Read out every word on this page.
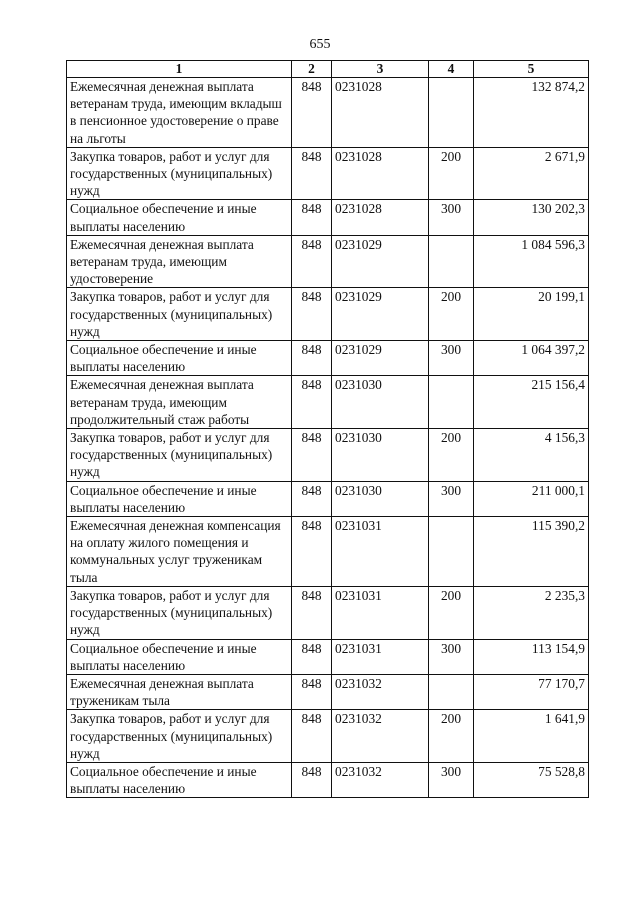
655
1	2	3	4	5
Ежемесячная денежная выплата ветеранам труда, имеющим вкладыш в пенсионное удостоверение о праве на льготы	848	0231028		132 874,2
Закупка товаров, работ и услуг для государственных (муниципальных) нужд	848	0231028	200	2 671,9
Социальное обеспечение и иные выплаты населению	848	0231028	300	130 202,3
Ежемесячная денежная выплата ветеранам труда, имеющим удостоверение	848	0231029		1 084 596,3
Закупка товаров, работ и услуг для государственных (муниципальных) нужд	848	0231029	200	20 199,1
Социальное обеспечение и иные выплаты населению	848	0231029	300	1 064 397,2
Ежемесячная денежная выплата ветеранам труда, имеющим продолжительный стаж работы	848	0231030		215 156,4
Закупка товаров, работ и услуг для государственных (муниципальных) нужд	848	0231030	200	4 156,3
Социальное обеспечение и иные выплаты населению	848	0231030	300	211 000,1
Ежемесячная денежная компенсация на оплату жилого помещения и коммунальных услуг труженикам тыла	848	0231031		115 390,2
Закупка товаров, работ и услуг для государственных (муниципальных) нужд	848	0231031	200	2 235,3
Социальное обеспечение и иные выплаты населению	848	0231031	300	113 154,9
Ежемесячная денежная выплата труженикам тыла	848	0231032		77 170,7
Закупка товаров, работ и услуг для государственных (муниципальных) нужд	848	0231032	200	1 641,9
Социальное обеспечение и иные выплаты населению	848	0231032	300	75 528,8
